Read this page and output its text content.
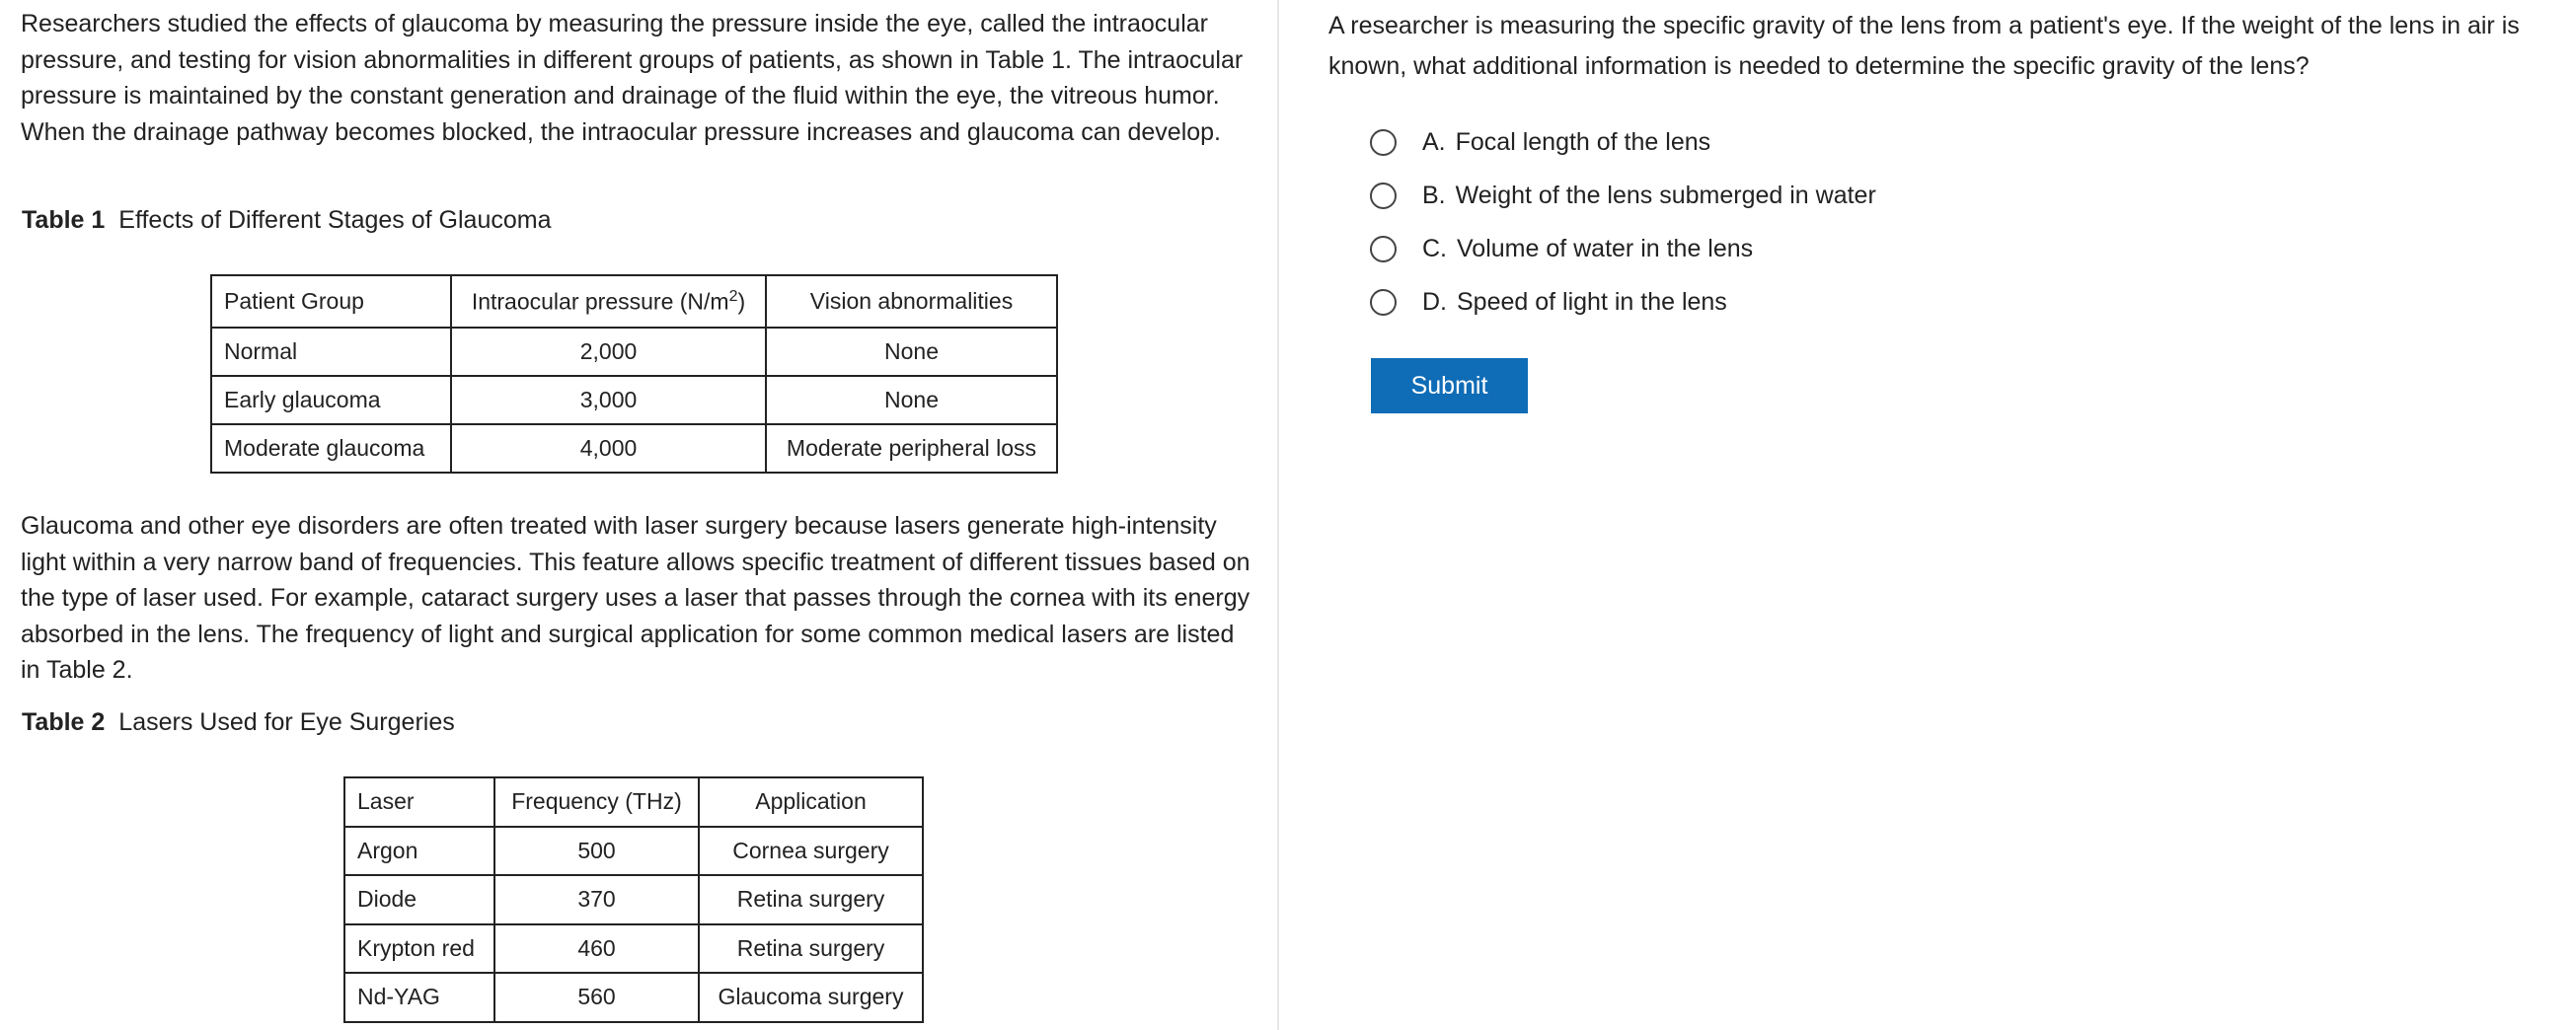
Researchers studied the effects of glaucoma by measuring the pressure inside the eye, called the intraocular pressure, and testing for vision abnormalities in different groups of patients, as shown in Table 1. The intraocular pressure is maintained by the constant generation and drainage of the fluid within the eye, the vitreous humor. When the drainage pathway becomes blocked, the intraocular pressure increases and glaucoma can develop.

Table 1 Effects of Different Stages of Glaucoma

Patient Group	Intraocular pressure $(N/m^2)$	Vision abnormalities
Normal	2,000	None
Early glaucoma	3,000	None
Moderate glaucoma	4,000	Moderate peripheral loss

Glaucoma and other eye disorders are often treated with laser surgery because lasers generate high-intensity light within a very narrow band of frequencies. This feature allows specific treatment of different tissues based on the type of laser used. For example, cataract surgery uses a laser that passes through the cornea with its energy absorbed in the lens. The frequency of light and surgical application for some common medical lasers are listed in Table 2.

Table 2 Lasers Used for Eye Surgeries

Laser	Frequency (THz)	Application
Argon	500	Cornea surgery
Diode	370	Retina surgery
Krypton red	460	Retina surgery
Nd-YAG	560	Glaucoma surgery

A researcher is measuring the specific gravity of the lens from a patient's eye. If the weight of the lens in air is known, what additional information is needed to determine the specific gravity of the lens?

A. Focal length of the lens
B. Weight of the lens submerged in water
C. Volume of water in the lens
D. Speed of light in the lens
Submit
